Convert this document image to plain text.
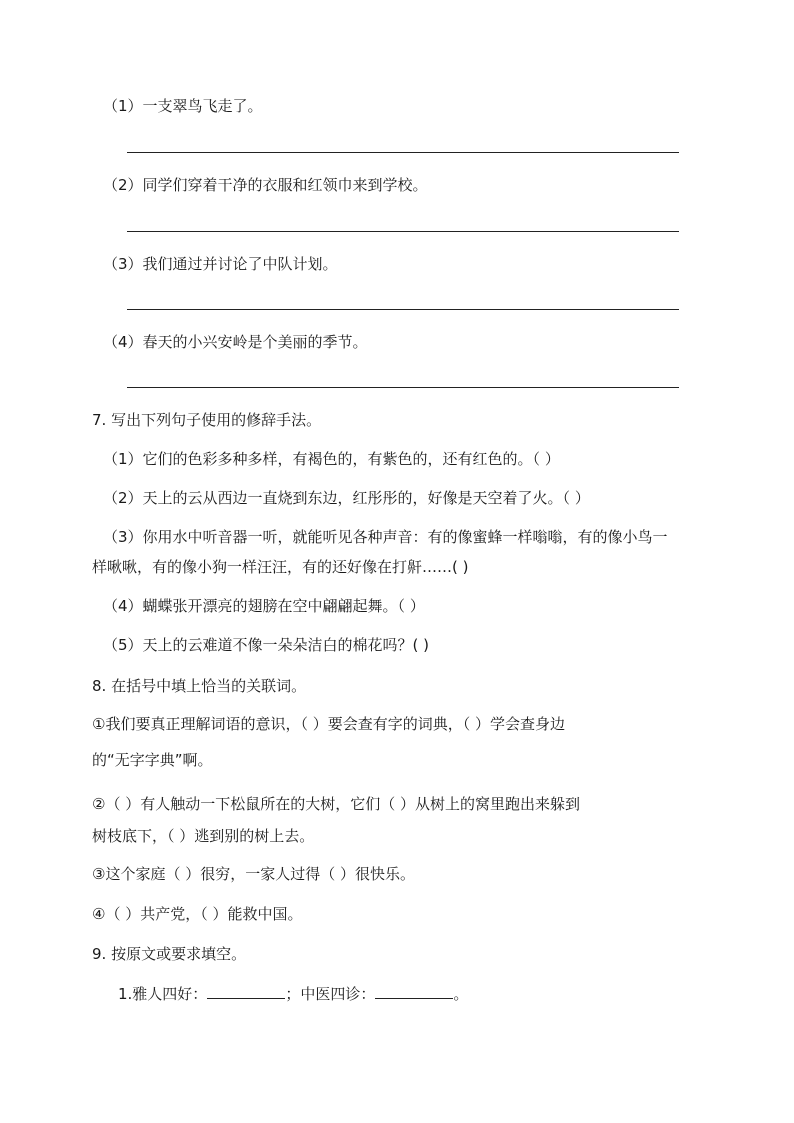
（1）一支翠鸟飞走了。
（2）同学们穿着干净的衣服和红领巾来到学校。
（3）我们通过并讨论了中队计划。
（4）春天的小兴安岭是个美丽的季节。
7. 写出下列句子使用的修辞手法。
（1）它们的色彩多种多样，有褐色的，有紫色的，还有红色的。（ ）
（2）天上的云从西边一直烧到东边，红彤彤的，好像是天空着了火。（ ）
（3）你用水中听音器一听，就能听见各种声音：有的像蜜蜂一样嗡嗡，有的像小鸟一
样啾啾，有的像小狗一样汪汪，有的还好像在打鼾……( )
（4）蝴蝶张开漂亮的翅膀在空中翩翩起舞。（ ）
（5）天上的云难道不像一朵朵洁白的棉花吗？( )
8. 在括号中填上恰当的关联词。
①我们要真正理解词语的意识，（ ）要会查有字的词典，（ ）学会查身边
的“无字字典”啊。
②（ ）有人触动一下松鼠所在的大树，它们（ ）从树上的窝里跑出来躲到
树枝底下，（ ）逃到别的树上去。
③这个家庭（ ）很穷，一家人过得（ ）很快乐。
④（ ）共产党，（ ）能救中国。
9. 按原文或要求填空。
1.雅人四好：	；中医四诊：	。
